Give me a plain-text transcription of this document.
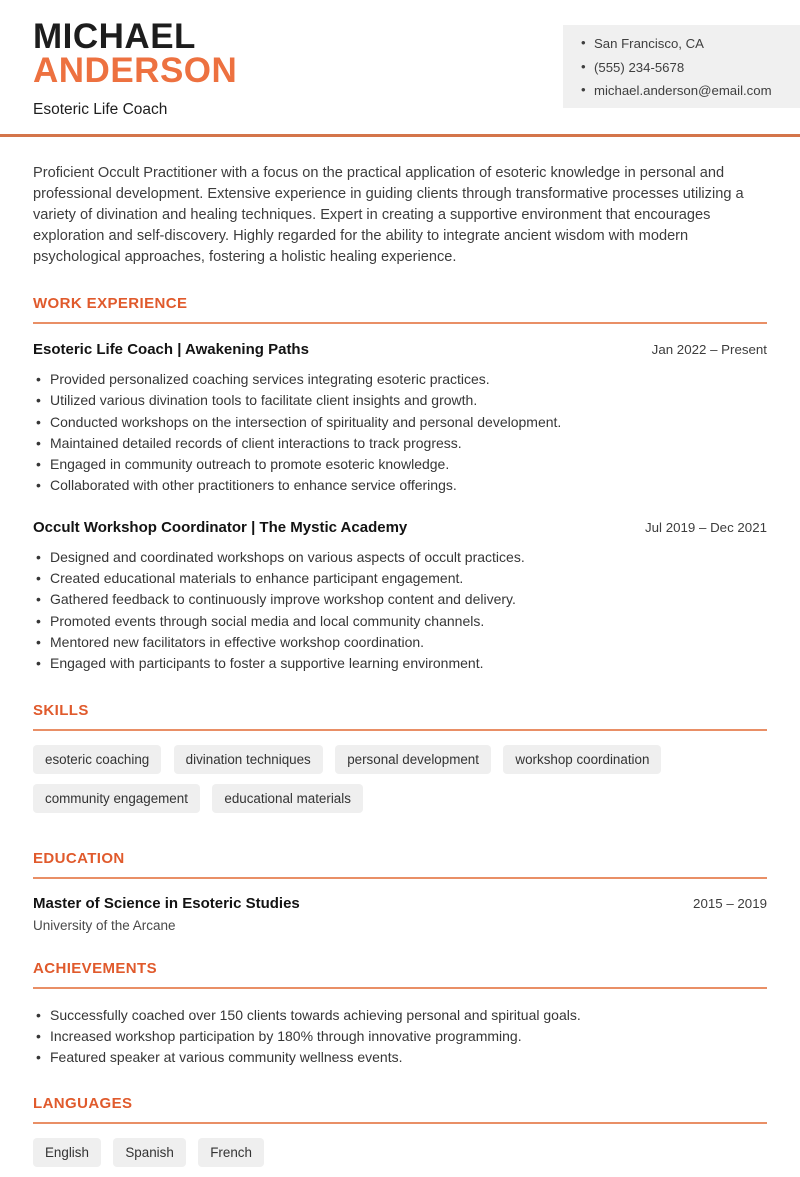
MICHAEL
ANDERSON
Esoteric Life Coach
• San Francisco, CA
• (555) 234-5678
• michael.anderson@email.com

Proficient Occult Practitioner with a focus on the practical application of esoteric knowledge in personal and professional development. Extensive experience in guiding clients through transformative processes utilizing a variety of divination and healing techniques. Expert in creating a supportive environment that encourages exploration and self-discovery. Highly regarded for the ability to integrate ancient wisdom with modern psychological approaches, fostering a holistic healing experience.

WORK EXPERIENCE
Esoteric Life Coach | Awakening Paths	Jan 2022 – Present
• Provided personalized coaching services integrating esoteric practices.
• Utilized various divination tools to facilitate client insights and growth.
• Conducted workshops on the intersection of spirituality and personal development.
• Maintained detailed records of client interactions to track progress.
• Engaged in community outreach to promote esoteric knowledge.
• Collaborated with other practitioners to enhance service offerings.
Occult Workshop Coordinator | The Mystic Academy	Jul 2019 – Dec 2021
• Designed and coordinated workshops on various aspects of occult practices.
• Created educational materials to enhance participant engagement.
• Gathered feedback to continuously improve workshop content and delivery.
• Promoted events through social media and local community channels.
• Mentored new facilitators in effective workshop coordination.
• Engaged with participants to foster a supportive learning environment.
SKILLS
esoteric coaching	divination techniques	personal development	workshop coordination community engagement	educational materials
EDUCATION
Master of Science in Esoteric Studies	2015 – 2019
University of the Arcane
ACHIEVEMENTS
• Successfully coached over 150 clients towards achieving personal and spiritual goals.
• Increased workshop participation by 180% through innovative programming.
• Featured speaker at various community wellness events.
LANGUAGES
English	Spanish	French
